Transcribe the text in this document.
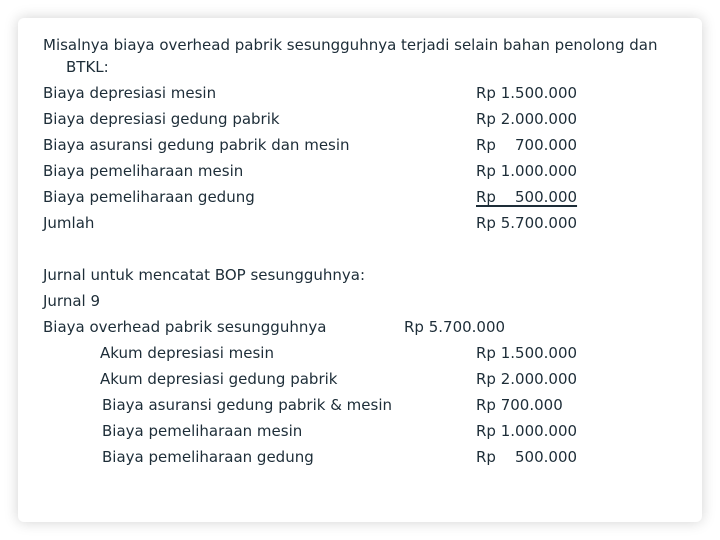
Misalnya biaya overhead pabrik sesungguhnya terjadi selain bahan penolong dan
BTKL:
Biaya depresiasi mesin	Rp 1.500.000
Biaya depresiasi gedung pabrik	Rp 2.000.000
Biaya asuransi gedung pabrik dan mesin	Rp    700.000
Biaya pemeliharaan mesin	Rp 1.000.000
Biaya pemeliharaan gedung	Rp    500.000
Jumlah	Rp 5.700.000
Jurnal untuk mencatat BOP sesungguhnya:
Jurnal 9
Biaya overhead pabrik sesungguhnya	Rp 5.700.000
Akum depresiasi mesin	Rp 1.500.000
Akum depresiasi gedung pabrik	Rp 2.000.000
Biaya asuransi gedung pabrik & mesin	Rp 700.000
Biaya pemeliharaan mesin	Rp 1.000.000
Biaya pemeliharaan gedung	Rp    500.000
